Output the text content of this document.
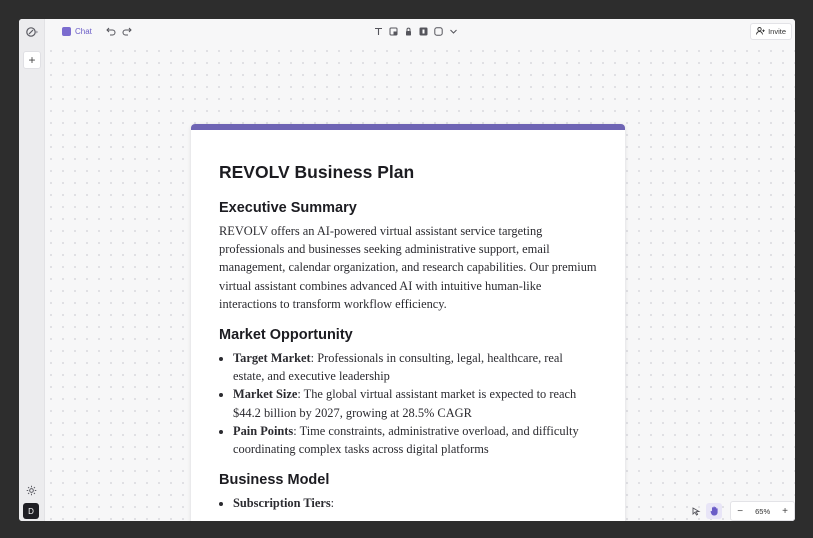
+
D
Chat	Invite
REVOLV Business Plan
Executive Summary

REVOLV offers an AI-powered virtual assistant service targeting professionals and businesses seeking administrative support, email management, calendar organization, and research capabilities. Our premium virtual assistant combines advanced AI with intuitive human-like interactions to transform workflow efficiency.

Market Opportunity
• Target Market: Professionals in consulting, legal, healthcare, real estate, and executive leadership
• Market Size: The global virtual assistant market is expected to reach $44.2 billion by 2027, growing at 28.5% CAGR
• Pain Points: Time constraints, administrative overload, and difficulty coordinating complex tasks across digital platforms
Business Model
• Subscription Tiers:
−	65%	+
